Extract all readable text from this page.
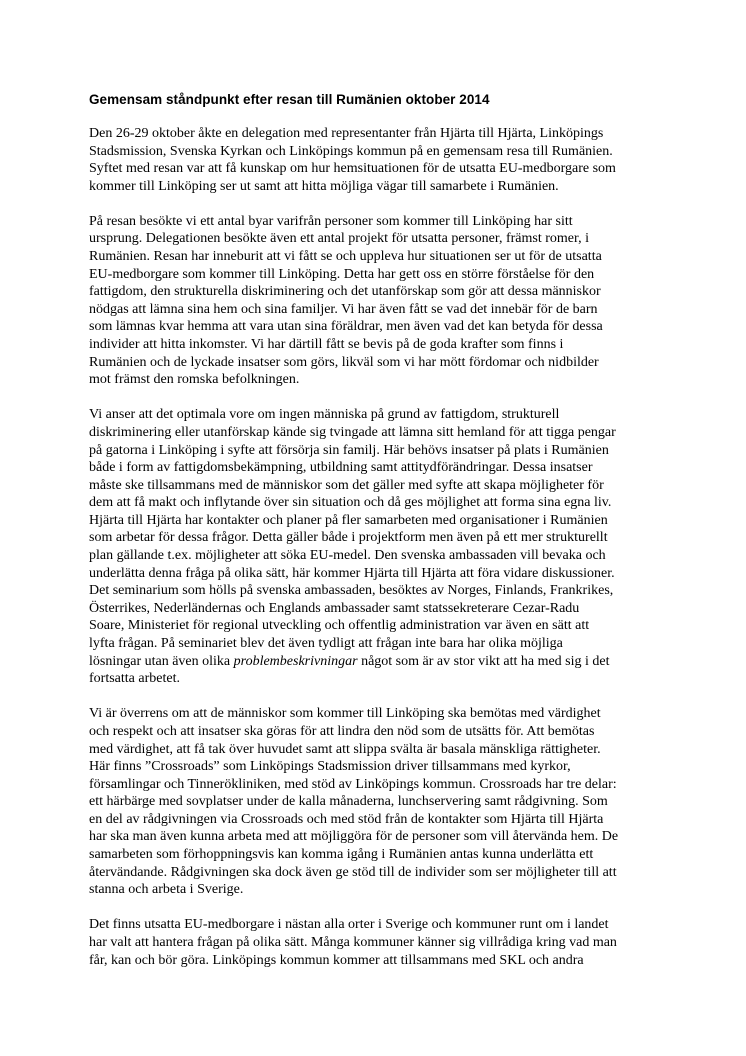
Gemensam ståndpunkt efter resan till Rumänien oktober 2014

Den 26-29 oktober åkte en delegation med representanter från Hjärta till Hjärta, Linköpings
Stadsmission, Svenska Kyrkan och Linköpings kommun på en gemensam resa till Rumänien.
Syftet med resan var att få kunskap om hur hemsituationen för de utsatta EU-medborgare som
kommer till Linköping ser ut samt att hitta möjliga vägar till samarbete i Rumänien.

På resan besökte vi ett antal byar varifrån personer som kommer till Linköping har sitt
ursprung. Delegationen besökte även ett antal projekt för utsatta personer, främst romer, i
Rumänien. Resan har inneburit att vi fått se och uppleva hur situationen ser ut för de utsatta
EU-medborgare som kommer till Linköping. Detta har gett oss en större förståelse för den
fattigdom, den strukturella diskriminering och det utanförskap som gör att dessa människor
nödgas att lämna sina hem och sina familjer. Vi har även fått se vad det innebär för de barn
som lämnas kvar hemma att vara utan sina föräldrar, men även vad det kan betyda för dessa
individer att hitta inkomster. Vi har därtill fått se bevis på de goda krafter som finns i
Rumänien och de lyckade insatser som görs, likväl som vi har mött fördomar och nidbilder
mot främst den romska befolkningen.

Vi anser att det optimala vore om ingen människa på grund av fattigdom, strukturell
diskriminering eller utanförskap kände sig tvingade att lämna sitt hemland för att tigga pengar
på gatorna i Linköping i syfte att försörja sin familj. Här behövs insatser på plats i Rumänien
både i form av fattigdomsbekämpning, utbildning samt attitydförändringar. Dessa insatser
måste ske tillsammans med de människor som det gäller med syfte att skapa möjligheter för
dem att få makt och inflytande över sin situation och då ges möjlighet att forma sina egna liv.
Hjärta till Hjärta har kontakter och planer på fler samarbeten med organisationer i Rumänien
som arbetar för dessa frågor. Detta gäller både i projektform men även på ett mer strukturellt
plan gällande t.ex. möjligheter att söka EU-medel. Den svenska ambassaden vill bevaka och
underlätta denna fråga på olika sätt, här kommer Hjärta till Hjärta att föra vidare diskussioner.
Det seminarium som hölls på svenska ambassaden, besöktes av Norges, Finlands, Frankrikes,
Österrikes, Nederländernas och Englands ambassader samt statssekreterare Cezar-Radu
Soare, Ministeriet för regional utveckling och offentlig administration var även en sätt att
lyfta frågan. På seminariet blev det även tydligt att frågan inte bara har olika möjliga
lösningar utan även olika problembeskrivningar något som är av stor vikt att ha med sig i det
fortsatta arbetet.

Vi är överrens om att de människor som kommer till Linköping ska bemötas med värdighet
och respekt och att insatser ska göras för att lindra den nöd som de utsätts för. Att bemötas
med värdighet, att få tak över huvudet samt att slippa svälta är basala mänskliga rättigheter.
Här finns ”Crossroads” som Linköpings Stadsmission driver tillsammans med kyrkor,
församlingar och Tinnerökliniken, med stöd av Linköpings kommun. Crossroads har tre delar:
ett härbärge med sovplatser under de kalla månaderna, lunchservering samt rådgivning. Som
en del av rådgivningen via Crossroads och med stöd från de kontakter som Hjärta till Hjärta
har ska man även kunna arbeta med att möjliggöra för de personer som vill återvända hem. De
samarbeten som förhoppningsvis kan komma igång i Rumänien antas kunna underlätta ett
återvändande. Rådgivningen ska dock även ge stöd till de individer som ser möjligheter till att
stanna och arbeta i Sverige.

Det finns utsatta EU-medborgare i nästan alla orter i Sverige och kommuner runt om i landet
har valt att hantera frågan på olika sätt. Många kommuner känner sig villrådiga kring vad man
får, kan och bör göra. Linköpings kommun kommer att tillsammans med SKL och andra
